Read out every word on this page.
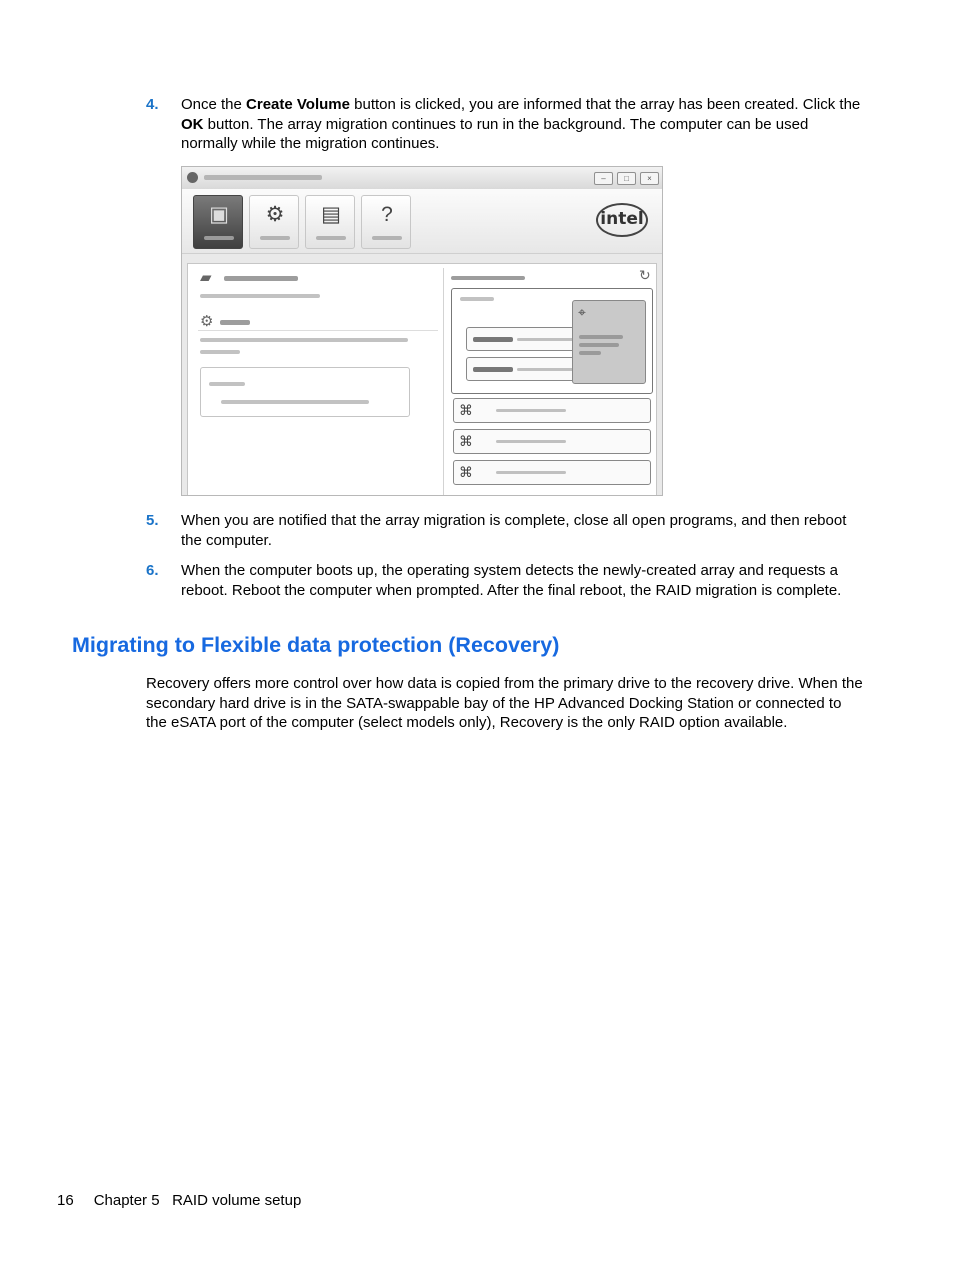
4. Once the Create Volume button is clicked, you are informed that the array has been created. Click the OK button. The array migration continues to run in the background. The computer can be used normally while the migration continues.
–	□	×
▣ ⚙ ▤ ?	intel
▰
⚙
↻
⌖
⌘
⌘
⌘
5. When you are notified that the array migration is complete, close all open programs, and then reboot the computer.
6. When the computer boots up, the operating system detects the newly-created array and requests a reboot. Reboot the computer when prompted. After the final reboot, the RAID migration is complete.
Migrating to Flexible data protection (Recovery)

Recovery offers more control over how data is copied from the primary drive to the recovery drive. When the secondary hard drive is in the SATA-swappable bay of the HP Advanced Docking Station or connected to the eSATA port of the computer (select models only), Recovery is the only RAID option available.

16 Chapter 5   RAID volume setup
